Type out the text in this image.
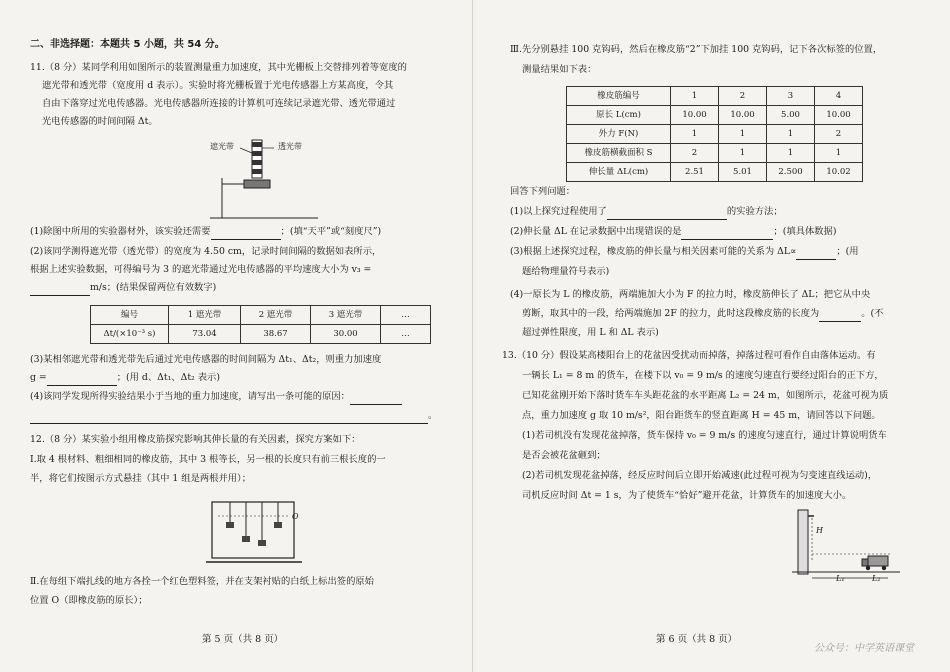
二、非选择题：本题共 5 小题，共 54 分。

11.（8 分）某同学利用如图所示的装置测量重力加速度，其中光栅板上交替排列着等宽度的

遮光带和透光带（宽度用 d 表示）。实验时将光栅板置于光电传感器上方某高度，令其

自由下落穿过光电传感器。光电传感器所连接的计算机可连续记录遮光带、透光带通过

光电传感器的时间间隔 Δt。

遮光带	透光带

(1)除图中所用的实验器材外，该实验还需要	；(填“天平”或“刻度尺”)

(2)该同学测得遮光带（透光带）的宽度为 4.50 cm，记录时间间隔的数据如表所示，

根据上述实验数据，可得编号为 3 的遮光带通过光电传感器的平均速度大小为 v₃ =

m/s；(结果保留两位有效数字)

编号	1 遮光带	2 遮光带	3 遮光带	…
Δt/(×10⁻³ s)	73.04	38.67	30.00	…

(3)某相邻遮光带和透光带先后通过光电传感器的时间间隔为 Δt₁、Δt₂，则重力加速度

g =	；(用 d、Δt₁、Δt₂ 表示)

(4)该同学发现所得实验结果小于当地的重力加速度，请写出一条可能的原因：

。

12.（8 分）某实验小组用橡皮筋探究影响其伸长量的有关因素，探究方案如下：

Ⅰ.取 4 根材料、粗细相同的橡皮筋，其中 3 根等长，另一根的长度只有前三根长度的一

半，将它们按图示方式悬挂（其中 1 组是两根并用）；

O

Ⅱ.在每组下端扎线的地方各拴一个红色塑料签，并在支架衬贴的白纸上标出签的原始

位置 O（即橡皮筋的原长）；

第 5 页（共 8 页）

Ⅲ.先分别悬挂 100 克钩码，然后在橡皮筋“2”下加挂 100 克钩码，记下各次标签的位置，

测量结果如下表：

橡皮筋编号	1	2	3	4
原长 L(cm)	10.00	10.00	5.00	10.00
外力 F(N)	1	1	1	2
橡皮筋横截面积 S	2	1	1	1
伸长量 ΔL(cm)	2.51	5.01	2.500	10.02

回答下列问题：

(1)以上探究过程使用了	的实验方法；

(2)伸长量 ΔL 在记录数据中出现错误的是	；(填具体数据)

(3)根据上述探究过程，橡皮筋的伸长量与相关因素可能的关系为 ΔL∝	；(用

题给物理量符号表示)

(4)一原长为 L 的橡皮筋，两端施加大小为 F 的拉力时，橡皮筋伸长了 ΔL；把它从中央

剪断，取其中的一段，给两端施加 2F 的拉力，此时这段橡皮筋的长度为	。(不

超过弹性限度，用 L 和 ΔL 表示)

13.（10 分）假设某高楼阳台上的花盆因受扰动而掉落，掉落过程可看作自由落体运动。有

一辆长 L₁ = 8 m 的货车，在楼下以 v₀ = 9 m/s 的速度匀速直行要经过阳台的正下方，

已知花盆刚开始下落时货车车头距花盆的水平距离 L₂ = 24 m，如图所示，花盆可视为质

点，重力加速度 g 取 10 m/s²，阳台距货车的竖直距离 H = 45 m，请回答以下问题。

(1)若司机没有发现花盆掉落，货车保持 v₀ = 9 m/s 的速度匀速直行，通过计算说明货车

是否会被花盆砸到；

(2)若司机发现花盆掉落，经反应时间后立即开始减速(此过程可视为匀变速直线运动)，

司机反应时间 Δt = 1 s，为了使货车“恰好”避开花盆，计算货车的加速度大小。

H

L₁	L₂

第 6 页（共 8 页）
公众号：中学英语课堂
